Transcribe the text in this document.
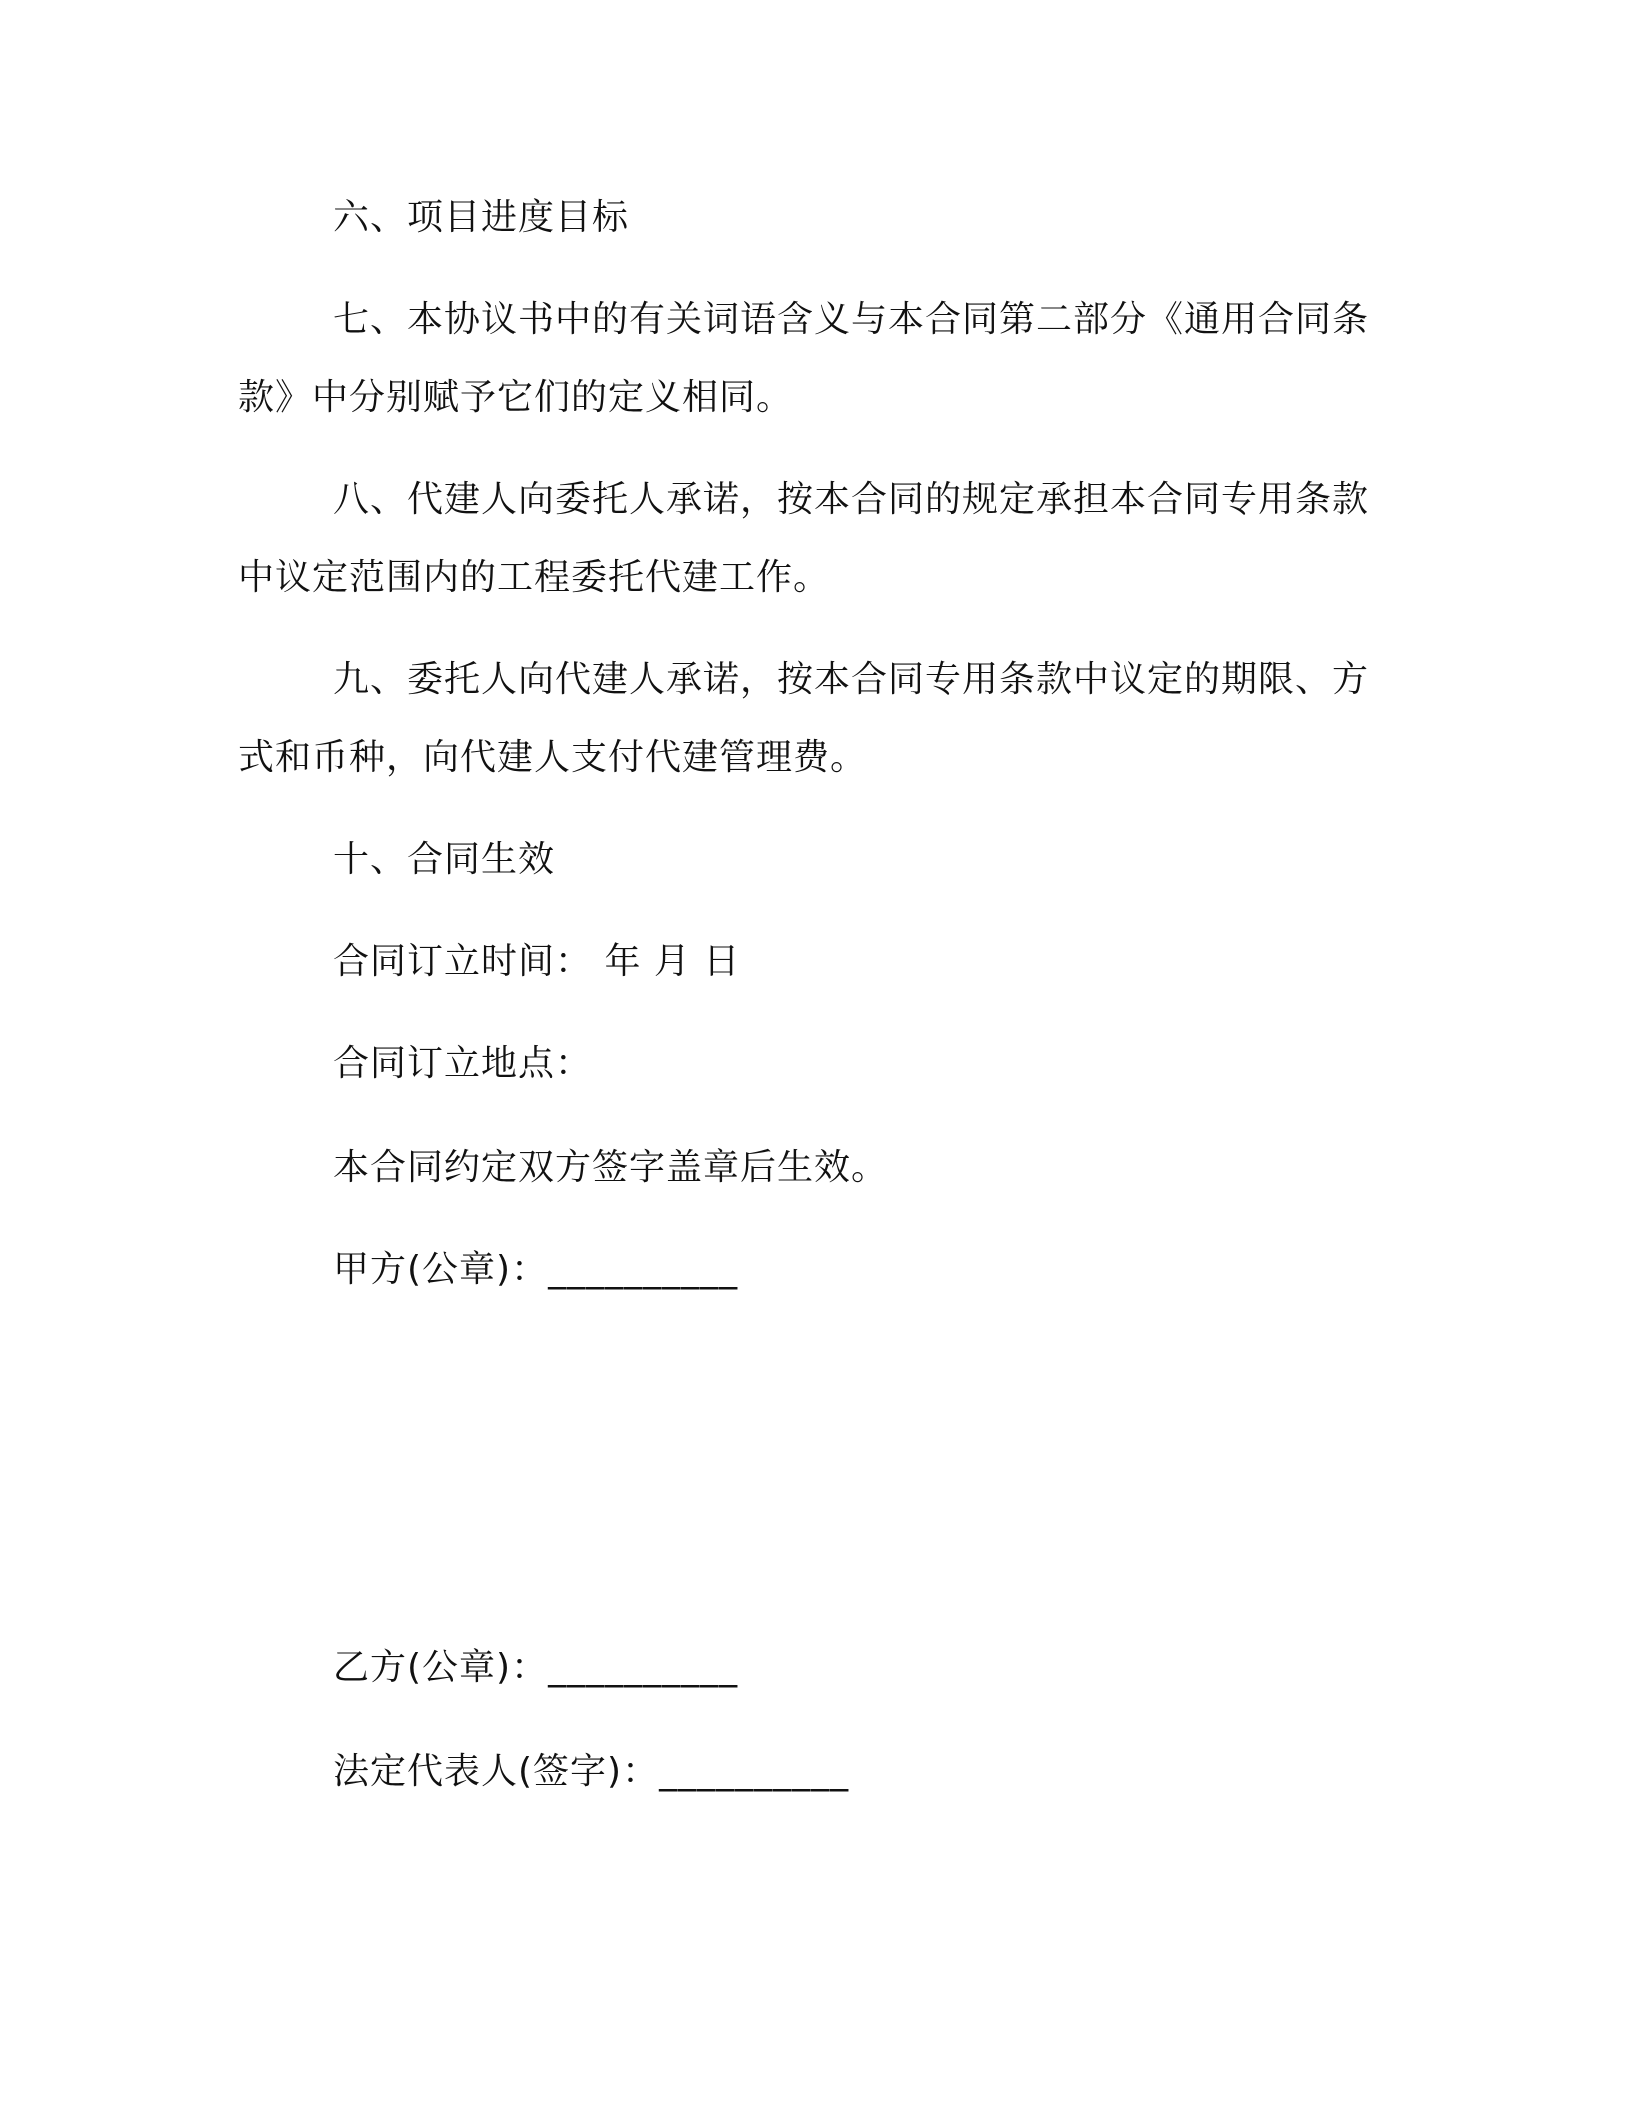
六、项目进度目标
七、本协议书中的有关词语含义与本合同第二部分《通用合同条
款》中分别赋予它们的定义相同。
八、代建人向委托人承诺，按本合同的规定承担本合同专用条款
中议定范围内的工程委托代建工作。
九、委托人向代建人承诺，按本合同专用条款中议定的期限、方
式和币种，向代建人支付代建管理费。
十、合同生效
合同订立时间： 年 月 日
合同订立地点：
本合同约定双方签字盖章后生效。
甲方(公章)：__________
乙方(公章)：__________
法定代表人(签字)：__________
